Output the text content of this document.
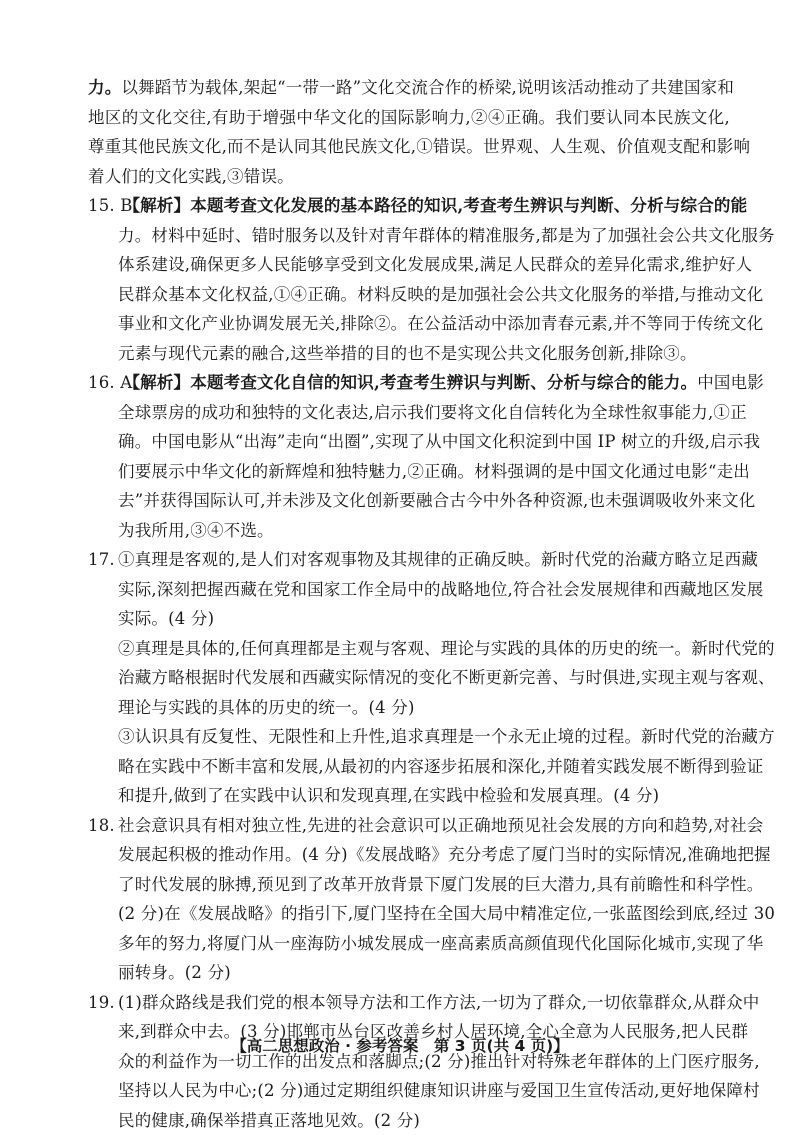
力。以舞蹈节为载体,架起“一带一路”文化交流合作的桥梁,说明该活动推动了共建国家和
地区的文化交往,有助于增强中华文化的国际影响力,②④正确。我们要认同本民族文化,
尊重其他民族文化,而不是认同其他民族文化,①错误。世界观、人生观、价值观支配和影响
着人们的文化实践,③错误。
15. B 【解析】本题考查文化发展的基本路径的知识,考查考生辨识与判断、分析与综合的能
力。材料中延时、错时服务以及针对青年群体的精准服务,都是为了加强社会公共文化服务
体系建设,确保更多人民能够享受到文化发展成果,满足人民群众的差异化需求,维护好人
民群众基本文化权益,①④正确。材料反映的是加强社会公共文化服务的举措,与推动文化
事业和文化产业协调发展无关,排除②。在公益活动中添加青春元素,并不等同于传统文化
元素与现代元素的融合,这些举措的目的也不是实现公共文化服务创新,排除③。
16. A 【解析】本题考查文化自信的知识,考查考生辨识与判断、分析与综合的能力。中国电影
全球票房的成功和独特的文化表达,启示我们要将文化自信转化为全球性叙事能力,①正
确。中国电影从“出海”走向“出圈”,实现了从中国文化积淀到中国 IP 树立的升级,启示我
们要展示中华文化的新辉煌和独特魅力,②正确。材料强调的是中国文化通过电影“走出
去”并获得国际认可,并未涉及文化创新要融合古今中外各种资源,也未强调吸收外来文化
为我所用,③④不选。
17. ①真理是客观的,是人们对客观事物及其规律的正确反映。新时代党的治藏方略立足西藏
实际,深刻把握西藏在党和国家工作全局中的战略地位,符合社会发展规律和西藏地区发展
实际。(4 分)
②真理是具体的,任何真理都是主观与客观、理论与实践的具体的历史的统一。新时代党的
治藏方略根据时代发展和西藏实际情况的变化不断更新完善、与时俱进,实现主观与客观、
理论与实践的具体的历史的统一。(4 分)
③认识具有反复性、无限性和上升性,追求真理是一个永无止境的过程。新时代党的治藏方
略在实践中不断丰富和发展,从最初的内容逐步拓展和深化,并随着实践发展不断得到验证
和提升,做到了在实践中认识和发现真理,在实践中检验和发展真理。(4 分)
18. 社会意识具有相对独立性,先进的社会意识可以正确地预见社会发展的方向和趋势,对社会
发展起积极的推动作用。(4 分)《发展战略》充分考虑了厦门当时的实际情况,准确地把握
了时代发展的脉搏,预见到了改革开放背景下厦门发展的巨大潜力,具有前瞻性和科学性。
(2 分)在《发展战略》的指引下,厦门坚持在全国大局中精准定位,一张蓝图绘到底,经过 30
多年的努力,将厦门从一座海防小城发展成一座高素质高颜值现代化国际化城市,实现了华
丽转身。(2 分)
19. (1)群众路线是我们党的根本领导方法和工作方法,一切为了群众,一切依靠群众,从群众中
来,到群众中去。(3 分)邯郸市丛台区改善乡村人居环境,全心全意为人民服务,把人民群
众的利益作为一切工作的出发点和落脚点;(2 分)推出针对特殊老年群体的上门医疗服务,
坚持以人民为中心;(2 分)通过定期组织健康知识讲座与爱国卫生宣传活动,更好地保障村
民的健康,确保举措真正落地见效。(2 分)
【高二思想政治 · 参考答案　第 3 页(共 4 页)】
